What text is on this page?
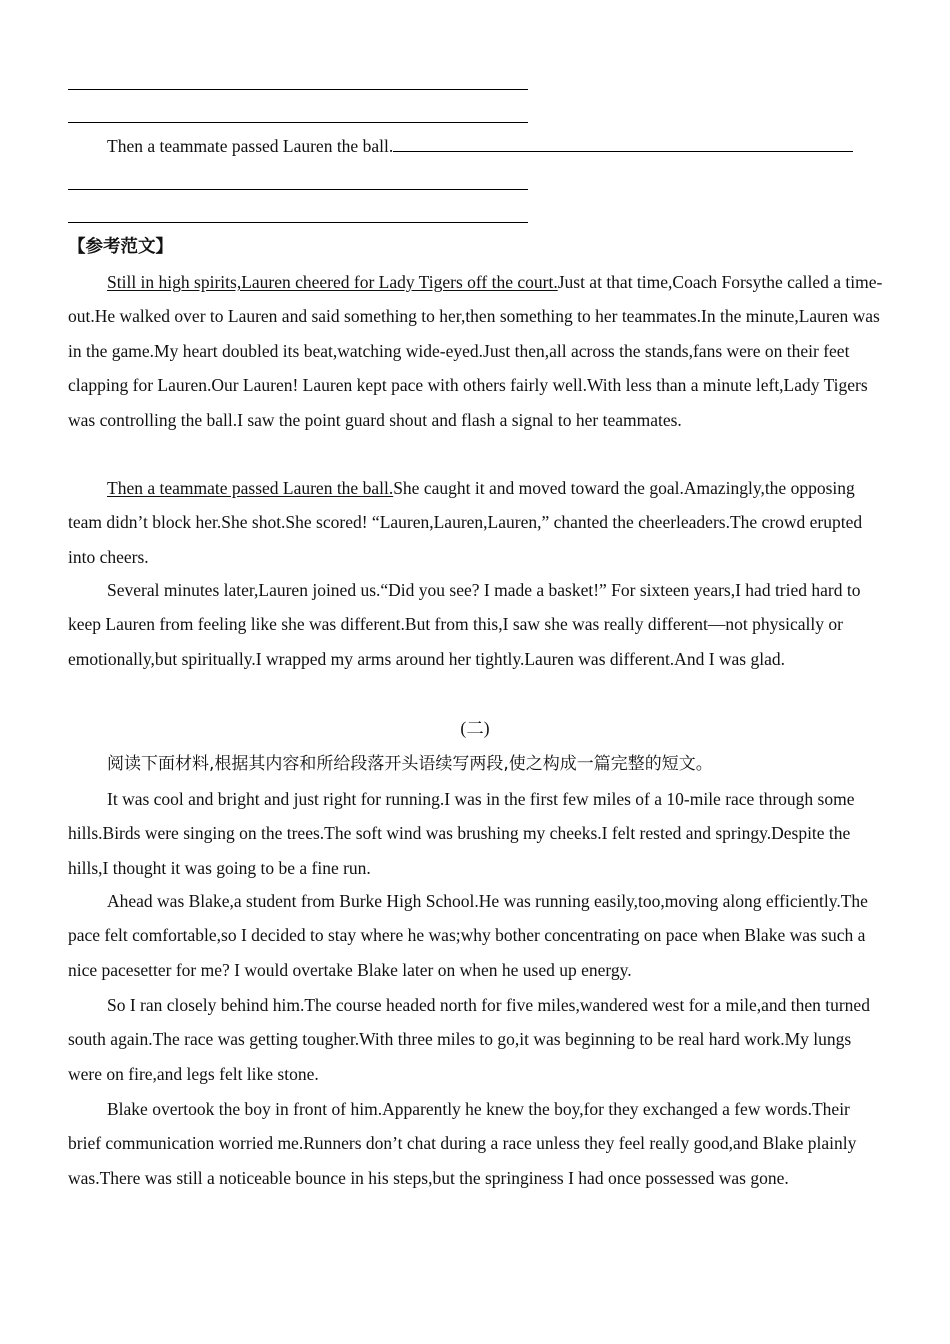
Then a teammate passed Lauren the ball.

【参考范文】

Still in high spirits,Lauren cheered for Lady Tigers off the court.Just at that time,Coach Forsythe called a time-out.He walked over to Lauren and said something to her,then something to her teammates.In the minute,Lauren was in the game.My heart doubled its beat,watching wide-eyed.Just then,all across the stands,fans were on their feet clapping for Lauren.Our Lauren! Lauren kept pace with others fairly well.With less than a minute left,Lady Tigers was controlling the ball.I saw the point guard shout and flash a signal to her teammates.

Then a teammate passed Lauren the ball.She caught it and moved toward the goal.Amazingly,the opposing team didn’t block her.She shot.She scored! “Lauren,Lauren,Lauren,” chanted the cheerleaders.The crowd erupted into cheers.

Several minutes later,Lauren joined us.“Did you see? I made a basket!” For sixteen years,I had tried hard to keep Lauren from feeling like she was different.But from this,I saw she was really different—not physically or emotionally,but spiritually.I wrapped my arms around her tightly.Lauren was different.And I was glad.

(二)

阅读下面材料,根据其内容和所给段落开头语续写两段,使之构成一篇完整的短文。

It was cool and bright and just right for running.I was in the first few miles of a 10-mile race through some hills.Birds were singing on the trees.The soft wind was brushing my cheeks.I felt rested and springy.Despite the hills,I thought it was going to be a fine run.

Ahead was Blake,a student from Burke High School.He was running easily,too,moving along efficiently.The pace felt comfortable,so I decided to stay where he was;why bother concentrating on pace when Blake was such a nice pacesetter for me? I would overtake Blake later on when he used up energy.

So I ran closely behind him.The course headed north for five miles,wandered west for a mile,and then turned south again.The race was getting tougher.With three miles to go,it was beginning to be real hard work.My lungs were on fire,and legs felt like stone.

Blake overtook the boy in front of him.Apparently he knew the boy,for they exchanged a few words.Their brief communication worried me.Runners don’t chat during a race unless they feel really good,and Blake plainly was.There was still a noticeable bounce in his steps,but the springiness I had once possessed was gone.
